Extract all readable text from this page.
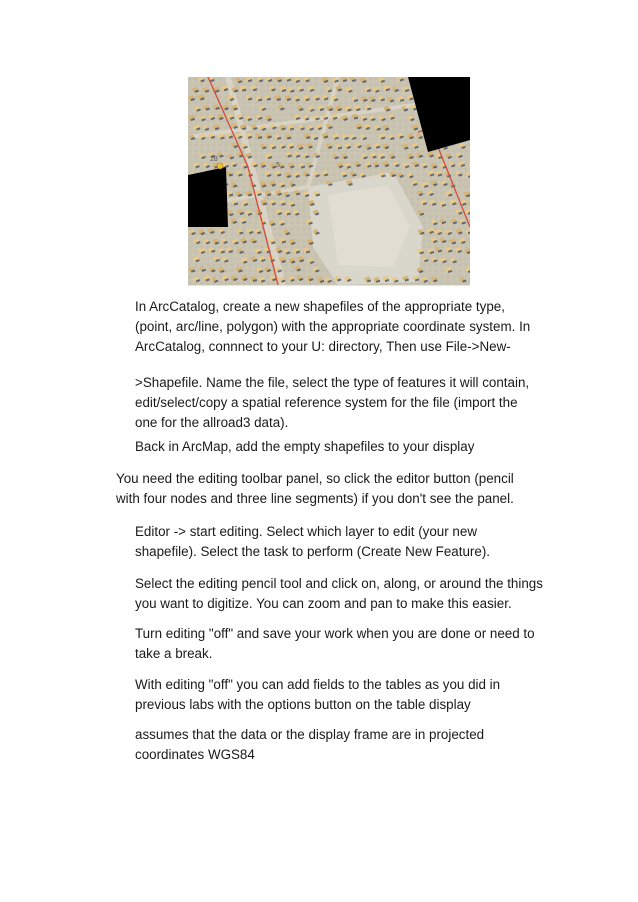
28
5

In ArcCatalog, create a new shapefiles of the appropriate type,
(point, arc/line, polygon) with the appropriate coordinate system. In
ArcCatalog, connnect to your U: directory, Then use File->New-

>Shapefile. Name the file, select the type of features it will contain,
edit/select/copy a spatial reference system for the file (import the
one for the allroad3 data).

Back in ArcMap, add the empty shapefiles to your display

You need the editing toolbar panel, so click the editor button (pencil
with four nodes and three line segments) if you don't see the panel.

Editor -> start editing. Select which layer to edit (your new
shapefile). Select the task to perform (Create New Feature).

Select the editing pencil tool and click on, along, or around the things
you want to digitize. You can zoom and pan to make this easier.

Turn editing "off" and save your work when you are done or need to
take a break.

With editing "off" you can add fields to the tables as you did in
previous labs with the options button on the table display

assumes that the data or the display frame are in projected
coordinates WGS84
